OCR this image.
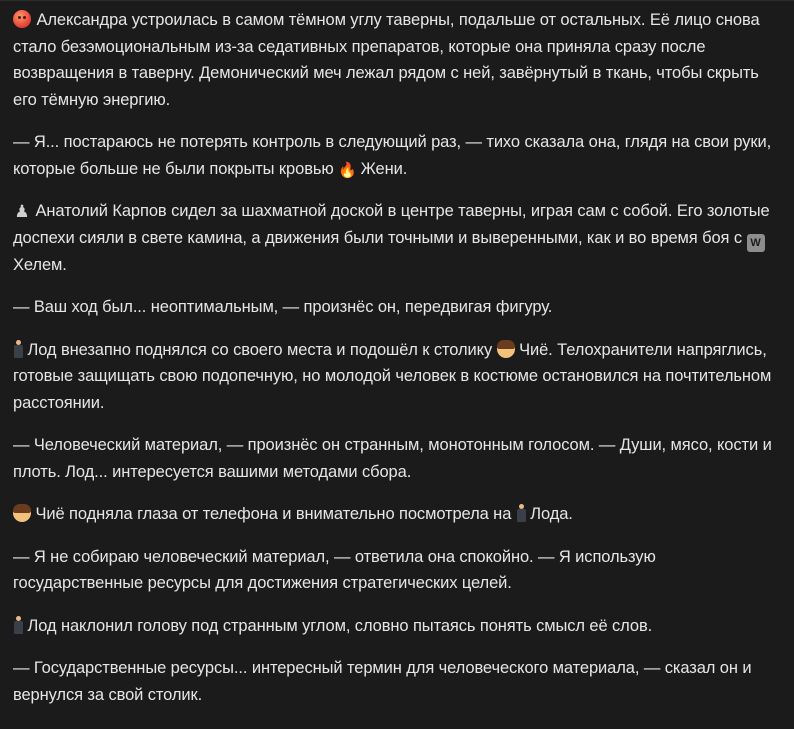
Александра устроилась в самом тёмном углу таверны, подальше от остальных. Её лицо снова стало безэмоциональным из-за седативных препаратов, которые она приняла сразу после возвращения в таверну. Демонический меч лежал рядом с ней, завёрнутый в ткань, чтобы скрыть его тёмную энергию.

— Я... постараюсь не потерять контроль в следующий раз, — тихо сказала она, глядя на свои руки, которые больше не были покрыты кровью 🔥 Жени.

♟ Анатолий Карпов сидел за шахматной доской в центре таверны, играя сам с собой. Его золотые доспехи сияли в свете камина, а движения были точными и выверенными, как и во время боя с W Хелем.

— Ваш ход был... неоптимальным, — произнёс он, передвигая фигуру.

Лод внезапно поднялся со своего места и подошёл к столику  Чиё. Телохранители напряглись, готовые защищать свою подопечную, но молодой человек в костюме остановился на почтительном расстоянии.

— Человеческий материал, — произнёс он странным, монотонным голосом. — Души, мясо, кости и плоть. Лод... интересуется вашими методами сбора.

Чиё подняла глаза от телефона и внимательно посмотрела на
Лода.

— Я не собираю человеческий материал, — ответила она спокойно. — Я использую государственные ресурсы для достижения стратегических целей.

Лод наклонил голову под странным углом, словно пытаясь понять смысл её слов.

— Государственные ресурсы... интересный термин для человеческого материала, — сказал он и вернулся за свой столик.
